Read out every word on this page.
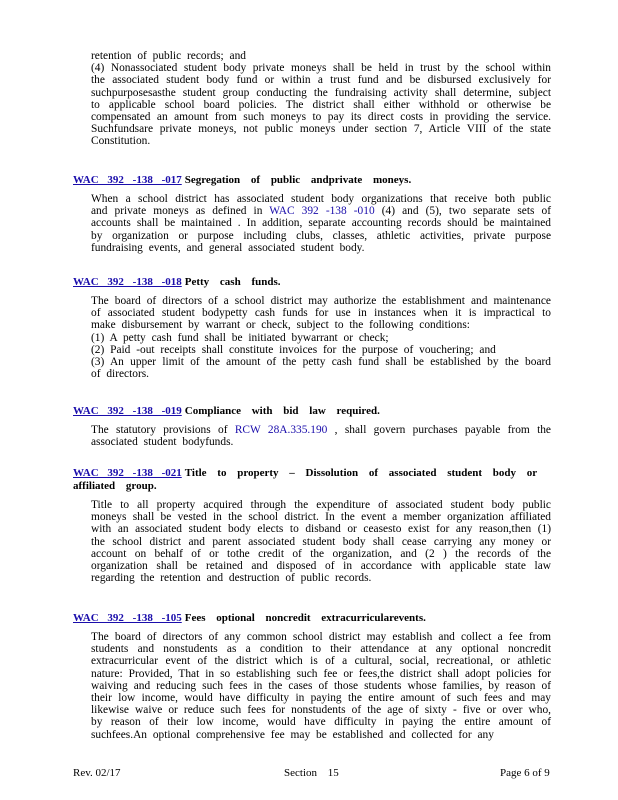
retention of public records; and

(4) Nonassociated student body private moneys shall be held in trust by the school within the associated student body fund or within a trust fund and be disbursed exclusively for suchpurposesasthe student group conducting the fundraising activity shall determine, subject to applicable school board policies. The district shall either withhold or otherwise be compensated an amount from such moneys to pay its direct costs in providing the service. Suchfundsare private moneys, not public moneys under section 7, Article VIII of the state Constitution.

WAC 392 -138 -017 Segregation of public andprivate moneys.
When a school district has associated student body organizations that receive both public and private moneys as defined in WAC 392 -138 -010 (4) and (5), two separate sets of accounts shall be maintained . In addition, separate accounting records should be maintained by organization or purpose including clubs, classes, athletic activities, private purpose fundraising events, and general associated student body.
WAC 392 -138 -018 Petty cash funds.
The board of directors of a school district may authorize the establishment and maintenance of associated student bodypetty cash funds for use in instances when it is impractical to make disbursement by warrant or check, subject to the following conditions:
(1) A petty cash fund shall be initiated bywarrant or check;
(2) Paid -out receipts shall constitute invoices for the purpose of vouchering; and
(3) An upper limit of the amount of the petty cash fund shall be established by the board of directors.
WAC 392 -138 -019 Compliance with bid law required.
The statutory provisions of RCW 28A.335.190 , shall govern purchases payable from the associated student bodyfunds.
WAC 392 -138 -021 Title to property – Dissolution of associated student body or affiliated group.
Title to all property acquired through the expenditure of associated student body public moneys shall be vested in the school district. In the event a member organization affiliated with an associated student body elects to disband or ceasesto exist for any reason,then (1) the school district and parent associated student body shall cease carrying any money or account on behalf of or tothe credit of the organization, and (2 ) the records of the organization shall be retained and disposed of in accordance with applicable state law regarding the retention and destruction of public records.
WAC 392 -138 -105 Fees optional noncredit extracurricularevents.
The board of directors of any common school district may establish and collect a fee from students and nonstudents as a condition to their attendance at any optional noncredit extracurricular event of the district which is of a cultural, social, recreational, or athletic nature: Provided, That in so establishing such fee or fees,the district shall adopt policies for waiving and reducing such fees in the cases of those students whose families, by reason of their low income, would have difficulty in paying the entire amount of such fees and may likewise waive or reduce such fees for nonstudents of the age of sixty - five or over who, by reason of their low income, would have difficulty in paying the entire amount of suchfees.An optional comprehensive fee may be established and collected for any
Rev. 02/17	Section 15	Page 6 of 9
